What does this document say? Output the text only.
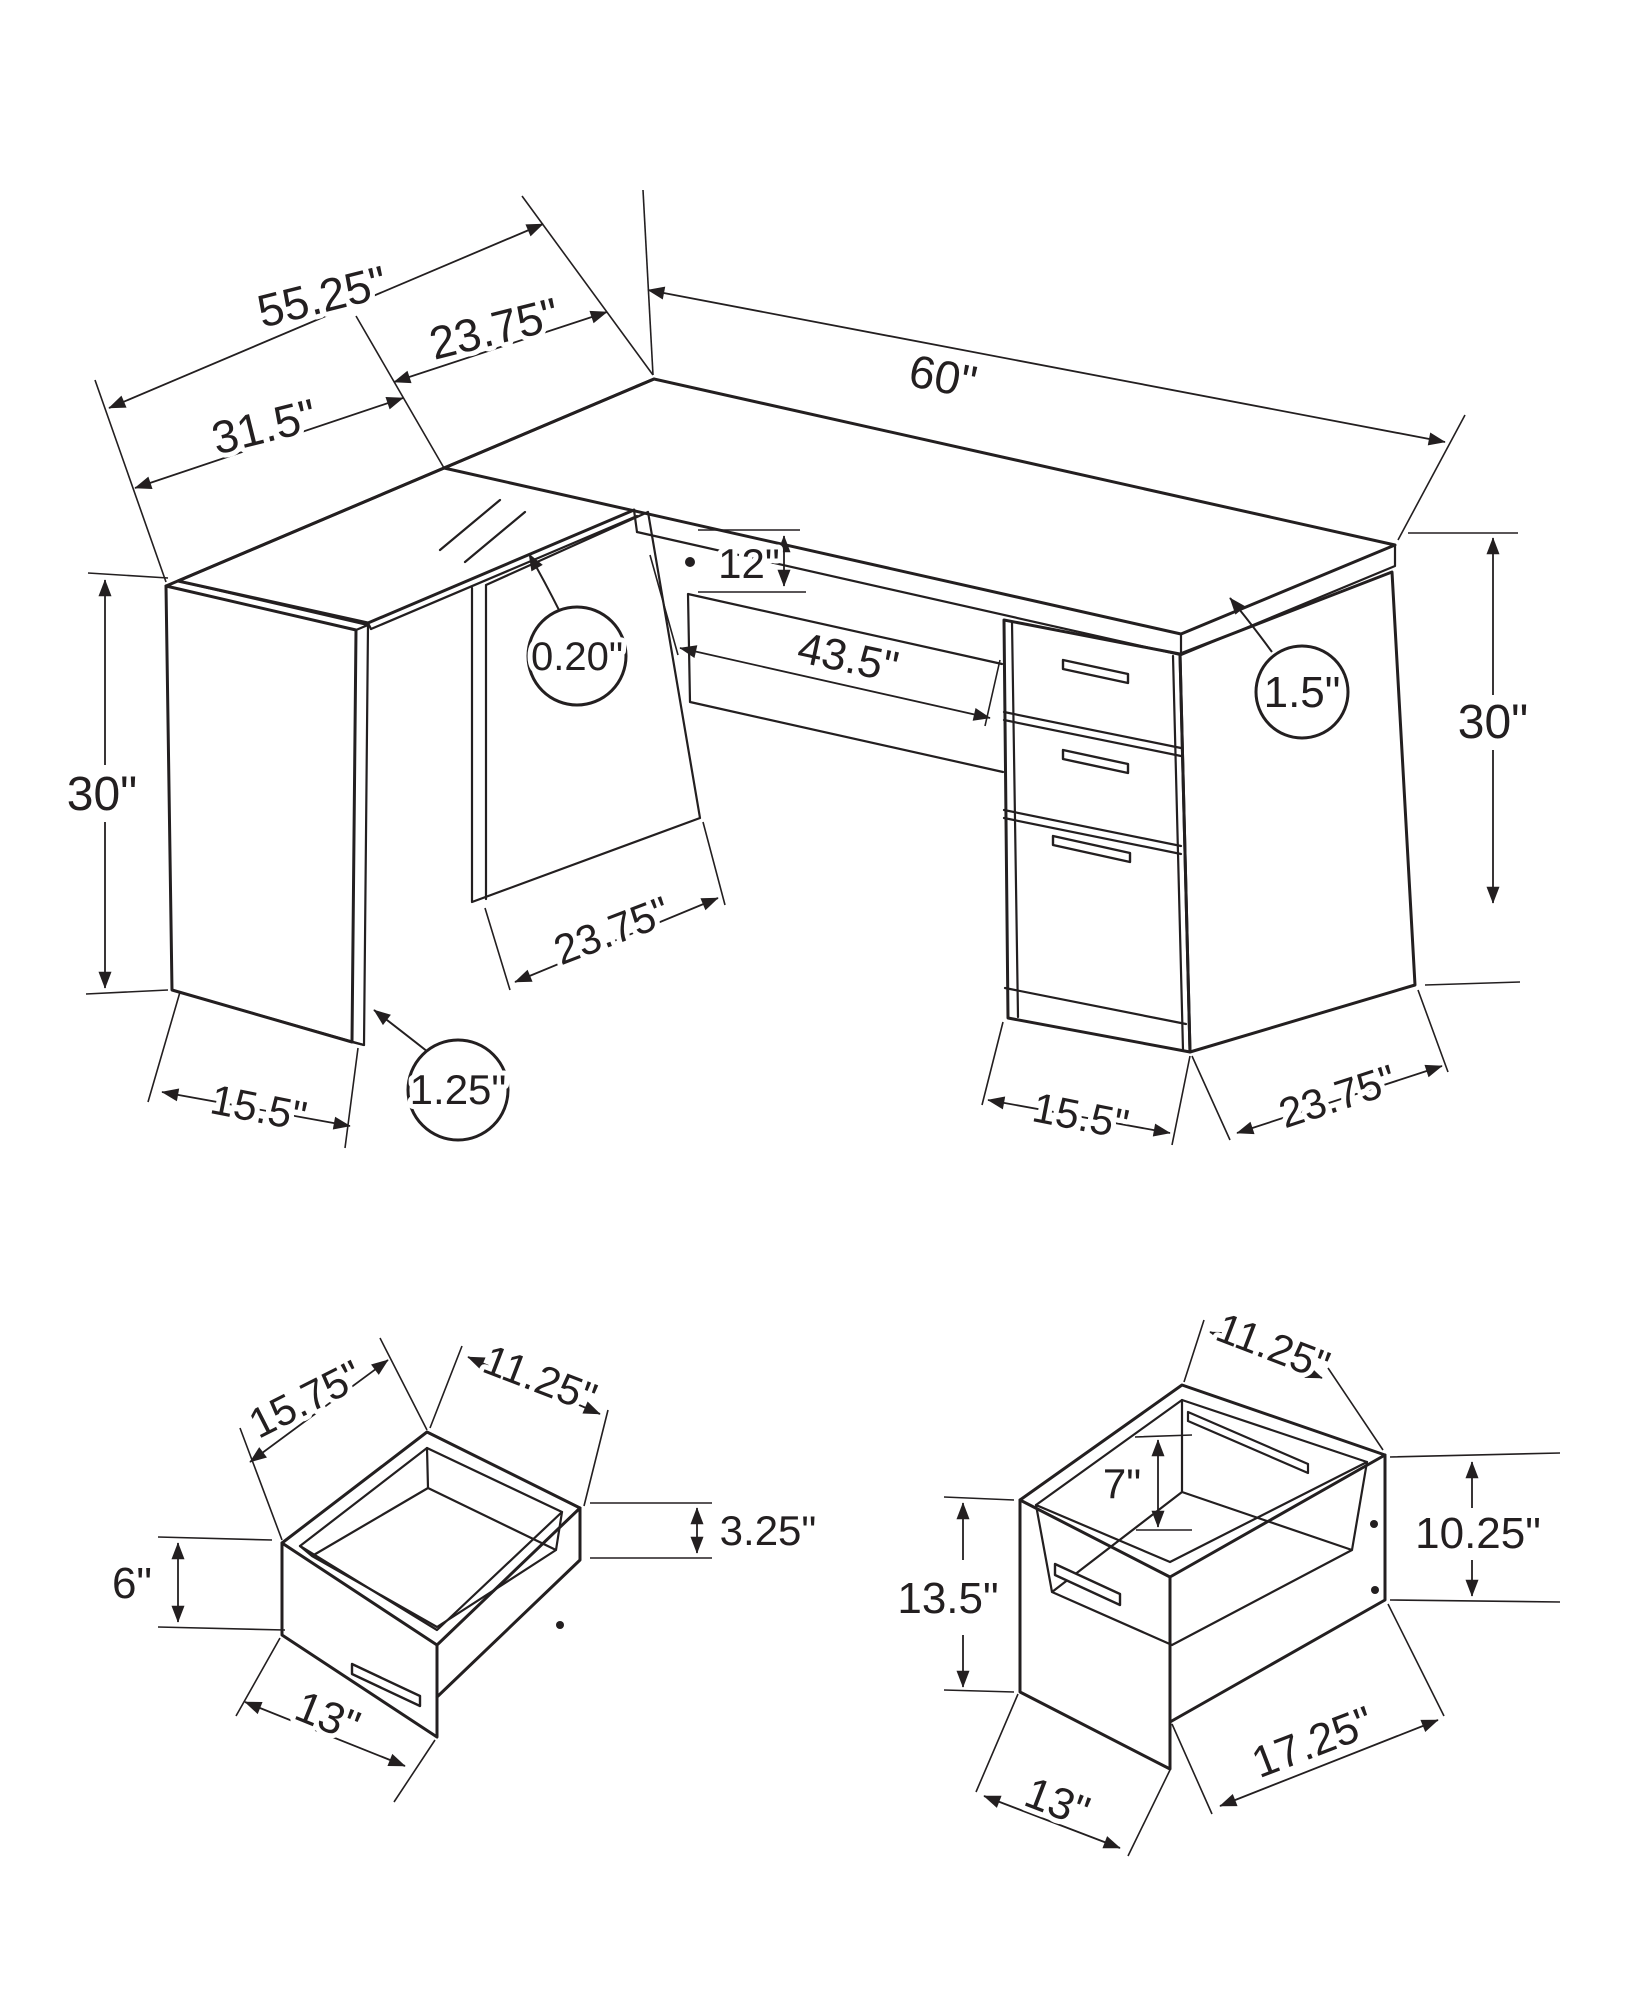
55.25"
31.5"
23.75"
60"
12"
43.5"
0.20"
1.5"
1.25"
30"
30"
15.5"
23.75"
15.5"	23.75"
15.75"	11.25"
3.25"
6"
13"
11.25"
7"
13.5"
10.25"
17.25"
13"
